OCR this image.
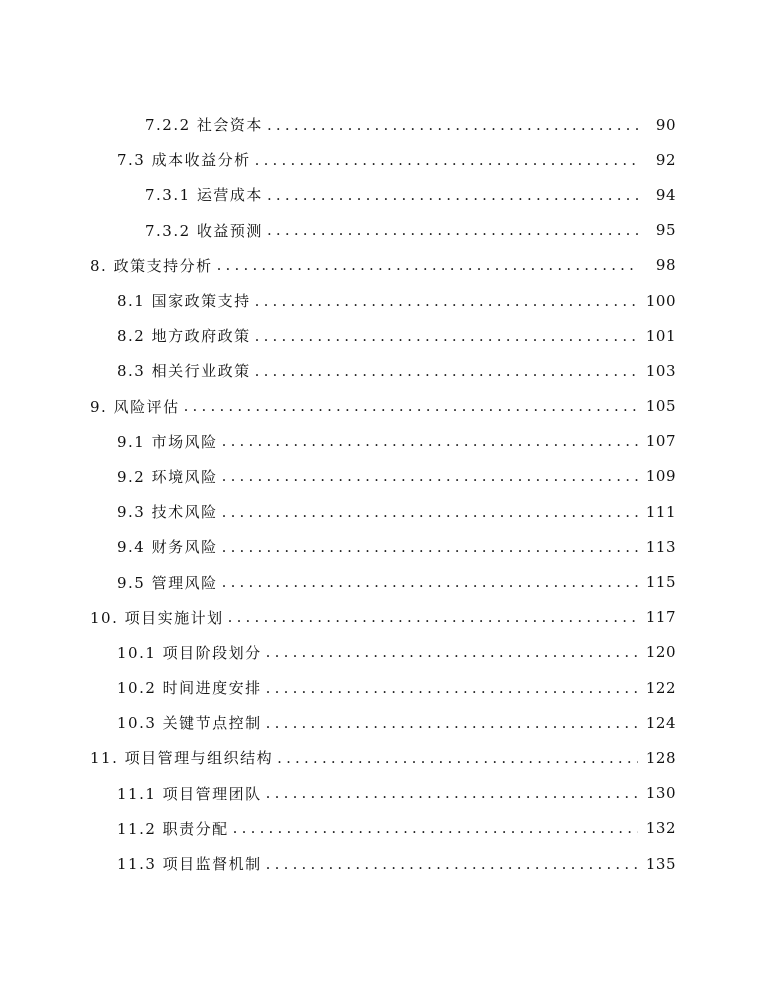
7.2.2 社会资本 .....	90
7.3 成本收益分析 .....	92
7.3.1 运营成本 .....	94
7.3.2 收益预测 .....	95
8. 政策支持分析 .....	98
8.1 国家政策支持 .....	100
8.2 地方政府政策 .....	101
8.3 相关行业政策 .....	103
9. 风险评估 .....	105
9.1 市场风险 .....	107
9.2 环境风险 .....	109
9.3 技术风险 .....	111
9.4 财务风险 .....	113
9.5 管理风险 .....	115
10. 项目实施计划 .....	117
10.1 项目阶段划分 .....	120
10.2 时间进度安排 .....	122
10.3 关键节点控制 .....	124
11. 项目管理与组织结构 .....	128
11.1 项目管理团队 .....	130
11.2 职责分配 .....	132
11.3 项目监督机制 .....	135
